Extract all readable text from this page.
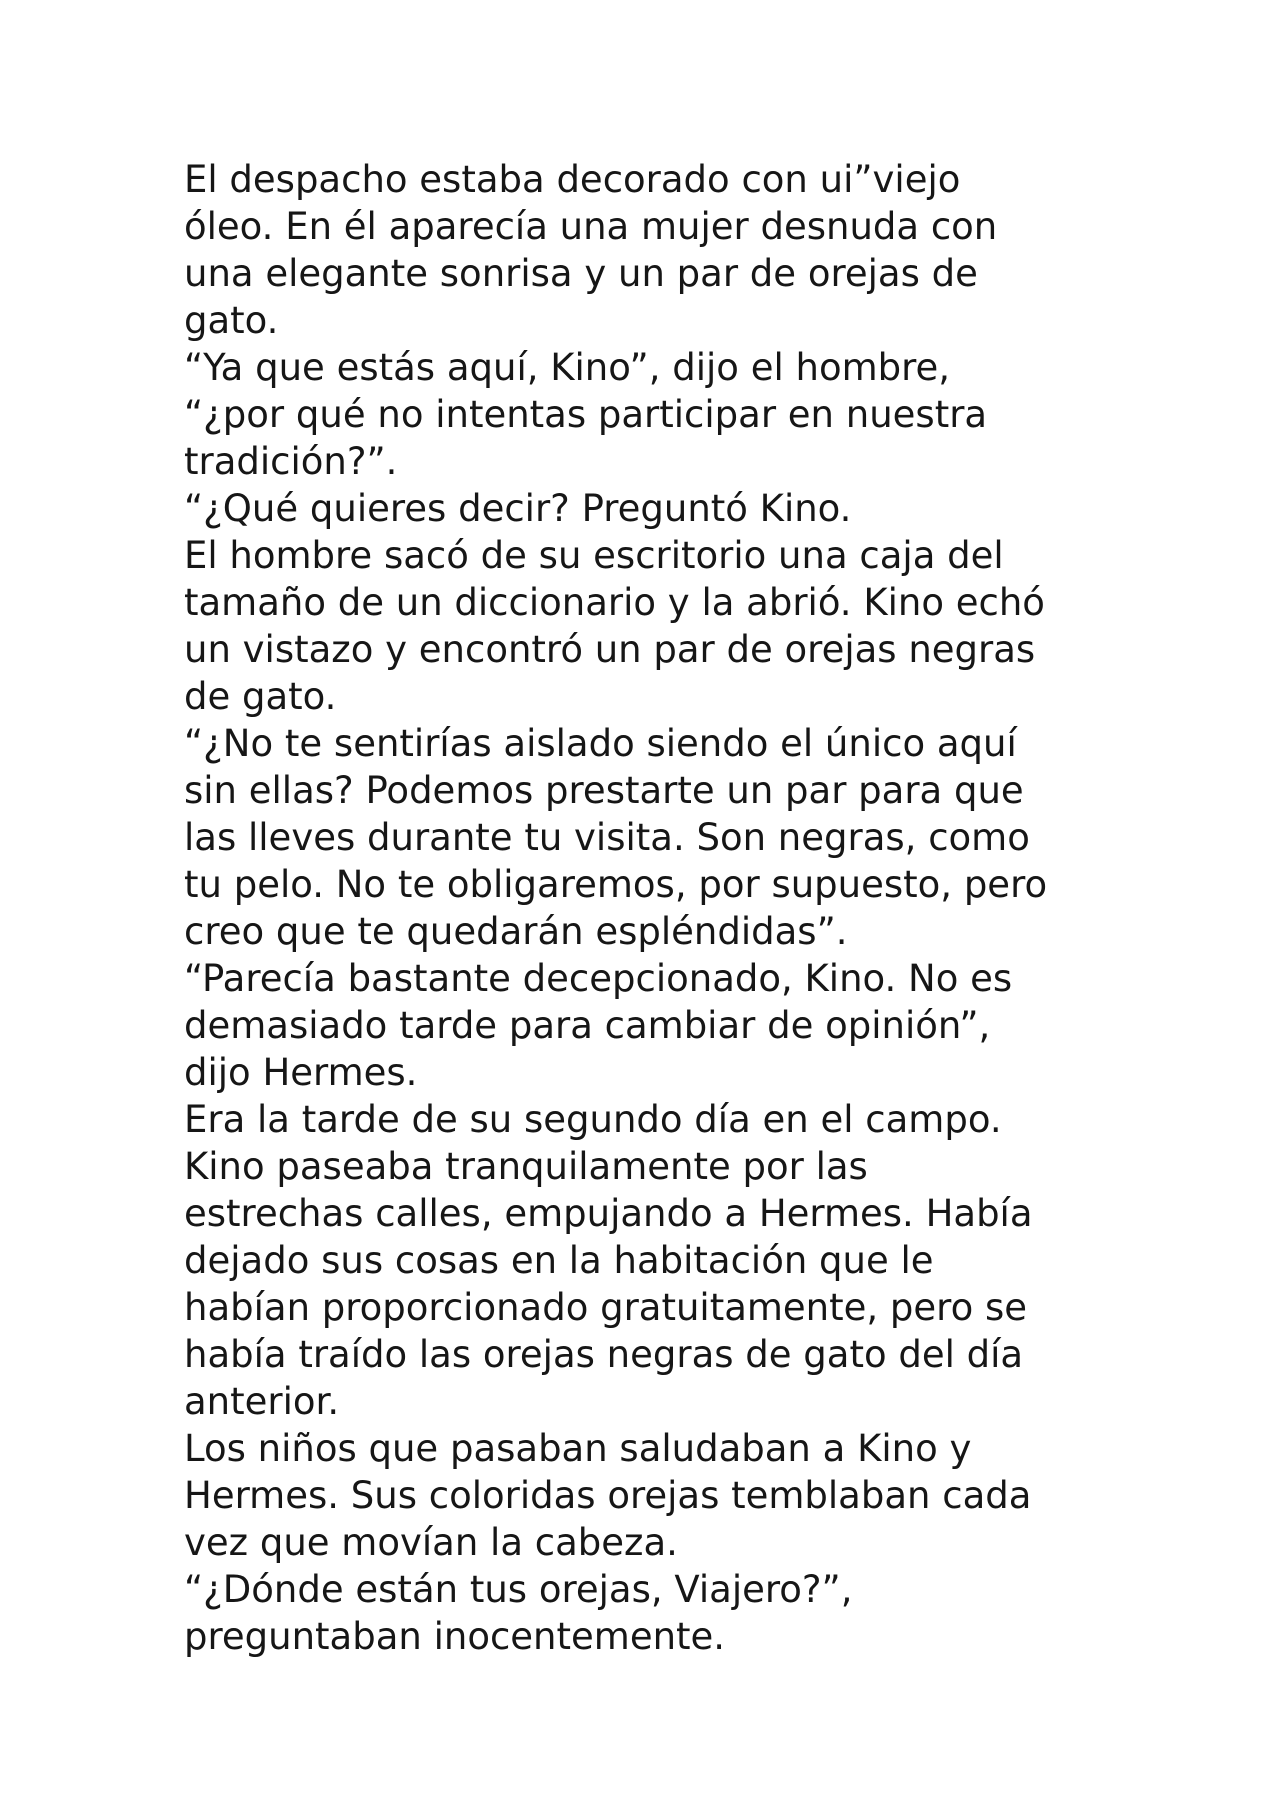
El despacho estaba decorado con ui”viejo
óleo. En él aparecía una mujer desnuda con
una elegante sonrisa y un par de orejas de
gato.
“Ya que estás aquí, Kino”, dijo el hombre,
“¿por qué no intentas participar en nuestra
tradición?”.
“¿Qué quieres decir? Preguntó Kino.
El hombre sacó de su escritorio una caja del
tamaño de un diccionario y la abrió. Kino echó
un vistazo y encontró un par de orejas negras
de gato.
“¿No te sentirías aislado siendo el único aquí
sin ellas? Podemos prestarte un par para que
las lleves durante tu visita. Son negras, como
tu pelo. No te obligaremos, por supuesto, pero
creo que te quedarán espléndidas”.
“Parecía bastante decepcionado, Kino. No es
demasiado tarde para cambiar de opinión”,
dijo Hermes.
Era la tarde de su segundo día en el campo.
Kino paseaba tranquilamente por las
estrechas calles, empujando a Hermes. Había
dejado sus cosas en la habitación que le
habían proporcionado gratuitamente, pero se
había traído las orejas negras de gato del día
anterior.
Los niños que pasaban saludaban a Kino y
Hermes. Sus coloridas orejas temblaban cada
vez que movían la cabeza.
“¿Dónde están tus orejas, Viajero?”,
preguntaban inocentemente.
